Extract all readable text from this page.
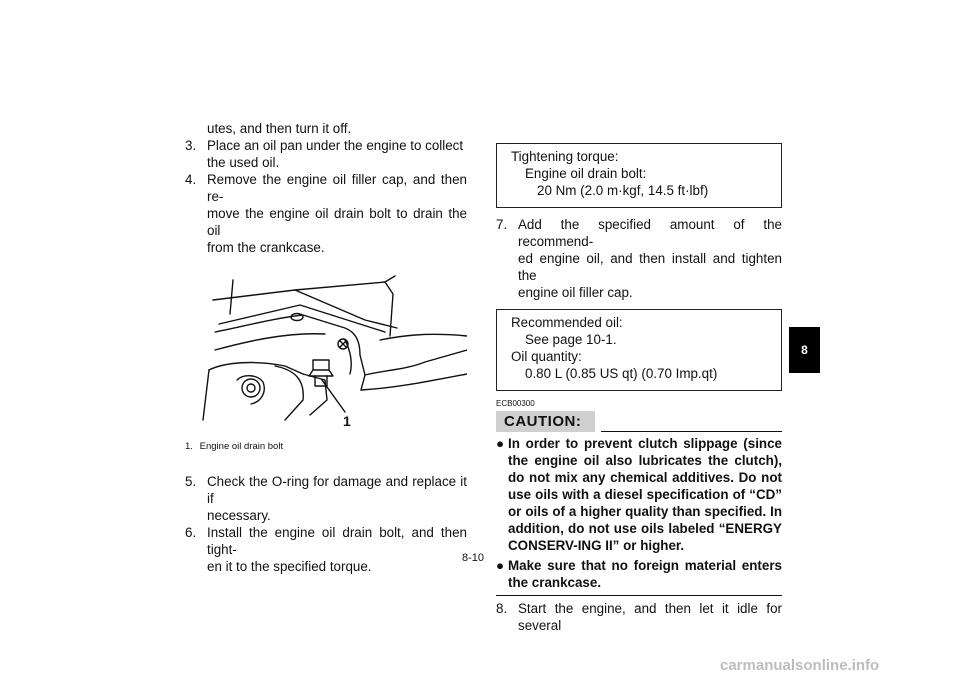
utes, and then turn it off.
3. Place an oil pan under the engine to collect
the used oil.
4. Remove the engine oil filler cap, and then re-
move the engine oil drain bolt to drain the oil
from the crankcase.
1
1. Engine oil drain bolt
5. Check the O-ring for damage and replace it if
necessary.
6. Install the engine oil drain bolt, and then tight-
en it to the specified torque.
Tightening torque:
Engine oil drain bolt:
20 Nm (2.0 m·kgf, 14.5 ft·lbf)
7. Add the specified amount of the recommend-
ed engine oil, and then install and tighten the
engine oil filler cap.
Recommended oil:
See page 10-1.
Oil quantity:
0.80 L (0.85 US qt) (0.70 Imp.qt)
ECB00300
CAUTION:
● In order to prevent clutch slippage (since the engine oil also lubricates the clutch), do not mix any chemical additives. Do not use oils with a diesel specification of “CD” or oils of a higher quality than specified. In addition, do not use oils labeled “ENERGY CONSERV-ING II” or higher.
● Make sure that no foreign material enters the crankcase.
8. Start the engine, and then let it idle for several
8-10
8
carmanualsonline.info
